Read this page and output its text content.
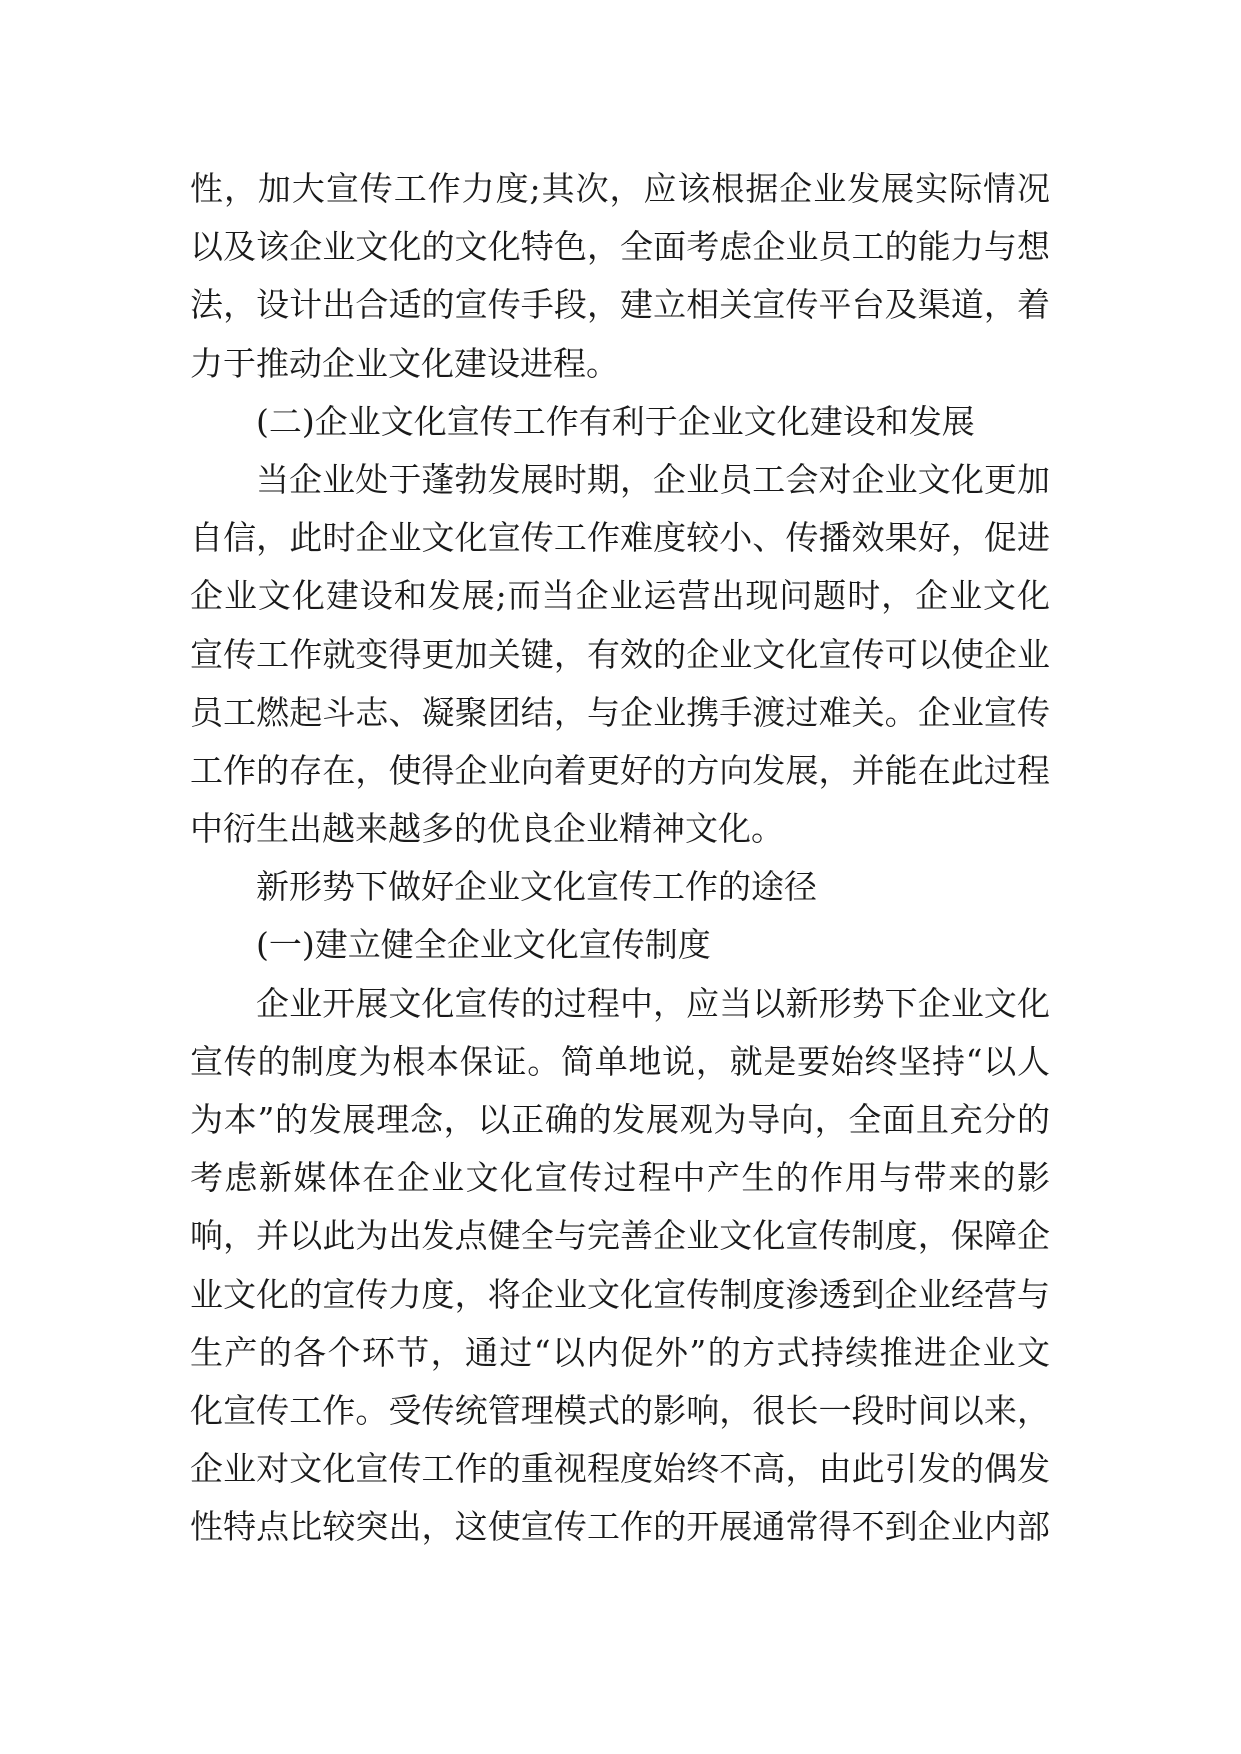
性，加大宣传工作力度;其次，应该根据企业发展实际情况
以及该企业文化的文化特色，全面考虑企业员工的能力与想
法，设计出合适的宣传手段，建立相关宣传平台及渠道，着
力于推动企业文化建设进程。
(二)企业文化宣传工作有利于企业文化建设和发展
当企业处于蓬勃发展时期，企业员工会对企业文化更加
自信，此时企业文化宣传工作难度较小、传播效果好，促进
企业文化建设和发展;而当企业运营出现问题时，企业文化
宣传工作就变得更加关键，有效的企业文化宣传可以使企业
员工燃起斗志、凝聚团结，与企业携手渡过难关。企业宣传
工作的存在，使得企业向着更好的方向发展，并能在此过程
中衍生出越来越多的优良企业精神文化。
新形势下做好企业文化宣传工作的途径
(一)建立健全企业文化宣传制度
企业开展文化宣传的过程中，应当以新形势下企业文化
宣传的制度为根本保证。简单地说，就是要始终坚持“以人
为本”的发展理念，以正确的发展观为导向，全面且充分的
考虑新媒体在企业文化宣传过程中产生的作用与带来的影
响，并以此为出发点健全与完善企业文化宣传制度，保障企
业文化的宣传力度，将企业文化宣传制度渗透到企业经营与
生产的各个环节，通过“以内促外”的方式持续推进企业文
化宣传工作。受传统管理模式的影响，很长一段时间以来，
企业对文化宣传工作的重视程度始终不高，由此引发的偶发
性特点比较突出，这使宣传工作的开展通常得不到企业内部
